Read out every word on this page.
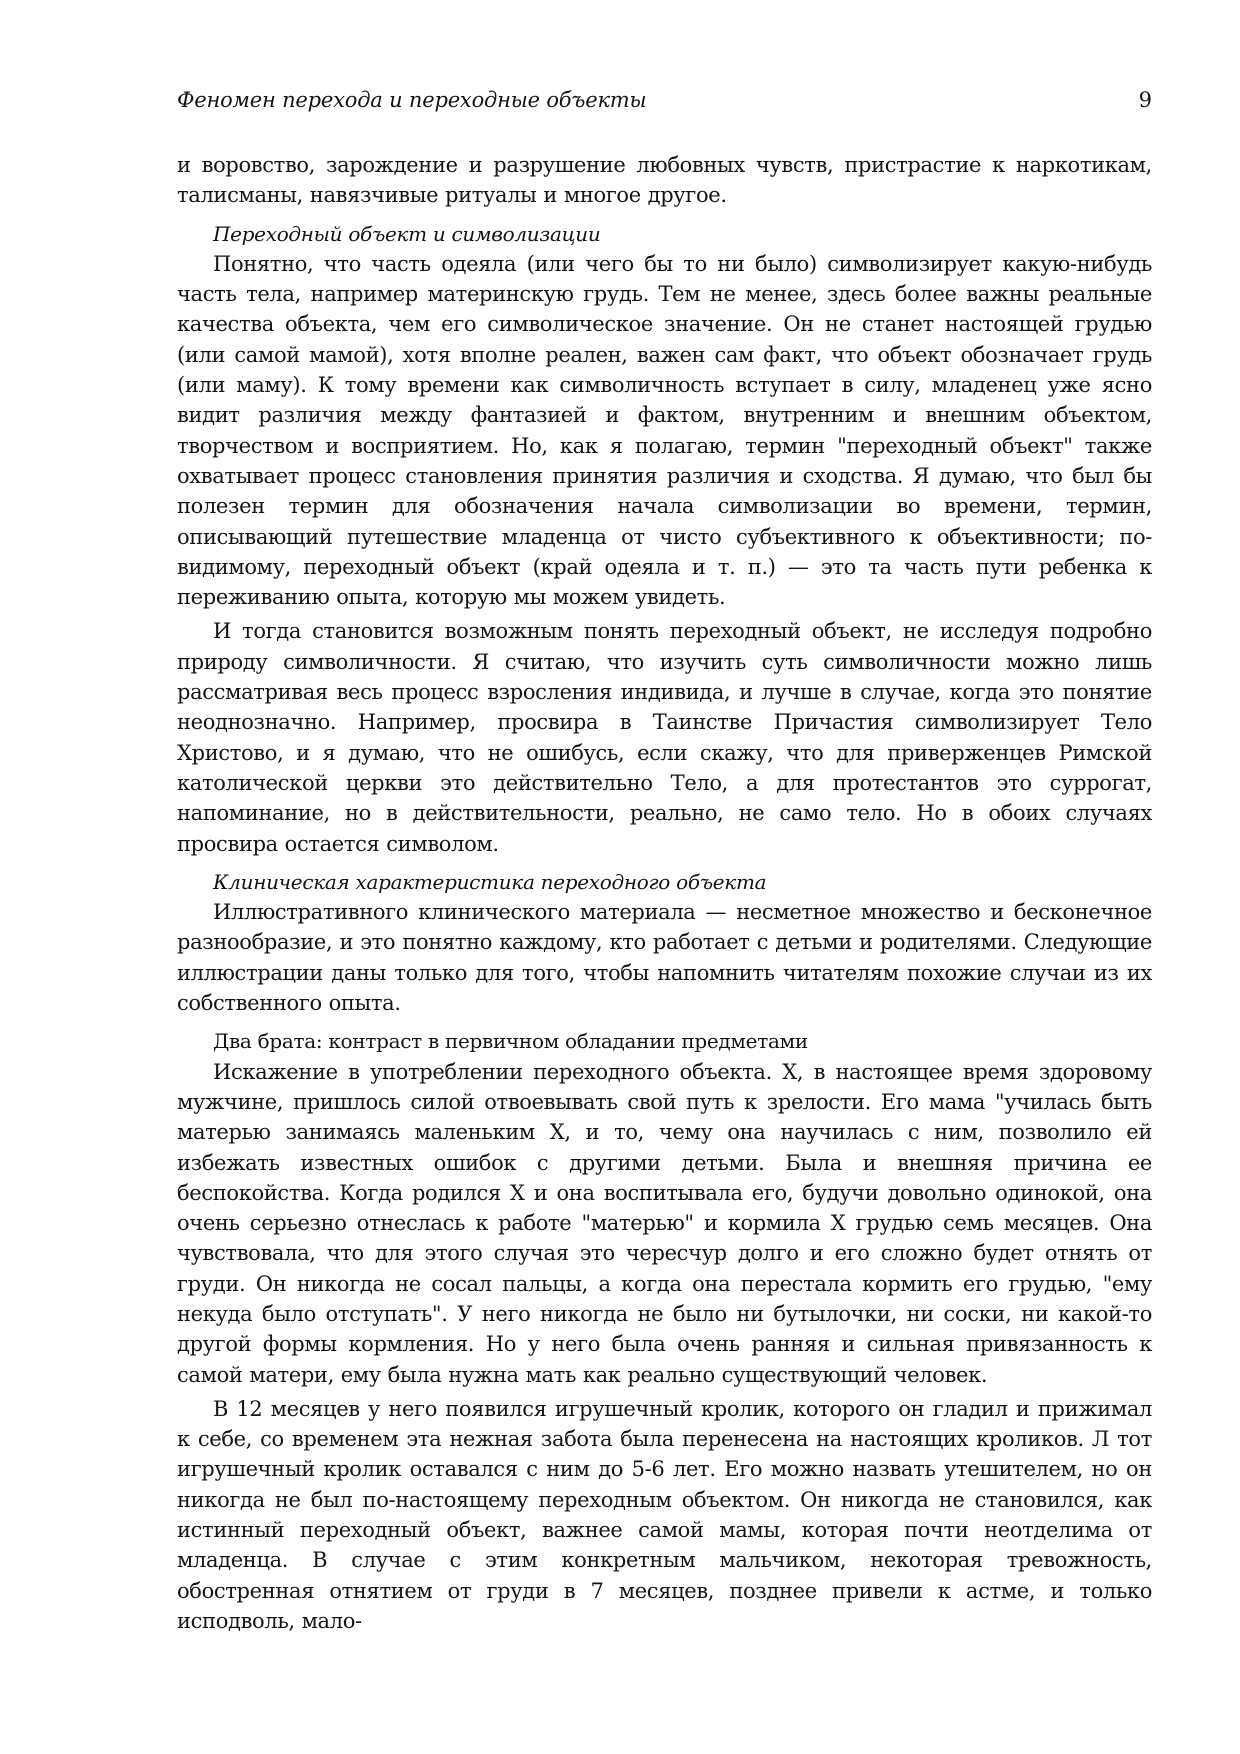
Феномен перехода и переходные объекты	9

и воровство, зарождение и разрушение любовных чувств, пристрастие к наркотикам, талисманы, навязчивые ритуалы и многое другое.

Переходный объект и символизации

Понятно, что часть одеяла (или чего бы то ни было) символизирует какую-нибудь часть тела, например материнскую грудь. Тем не менее, здесь более важны реальные качества объекта, чем его символическое значение. Он не станет настоящей грудью (или самой мамой), хотя вполне реален, важен сам факт, что объект обозначает грудь (или маму). К тому времени как символичность вступает в силу, младенец уже ясно видит различия между фантазией и фактом, внутренним и внешним объектом, творчеством и восприятием. Но, как я полагаю, термин "переходный объект" также охватывает процесс становления принятия различия и сходства. Я думаю, что был бы полезен термин для обозначения начала символизации во времени, термин, описывающий путешествие младенца от чисто субъективного к объективности; по-видимому, переходный объект (край одеяла и т. п.) — это та часть пути ребенка к переживанию опыта, которую мы можем увидеть.

И тогда становится возможным понять переходный объект, не исследуя подробно природу символичности. Я считаю, что изучить суть символичности можно лишь рассматривая весь процесс взросления индивида, и лучше в случае, когда это понятие неоднозначно. Например, просвира в Таинстве Причастия символизирует Тело Христово, и я думаю, что не ошибусь, если скажу, что для приверженцев Римской католической церкви это действительно Тело, а для протестантов это суррогат, напоминание, но в действительности, реально, не само тело. Но в обоих случаях просвира остается символом.

Клиническая характеристика переходного объекта

Иллюстративного клинического материала — несметное множество и бесконечное разнообразие, и это понятно каждому, кто работает с детьми и родителями. Следующие иллюстрации даны только для того, чтобы напомнить читателям похожие случаи из их собственного опыта.

Два брата: контраст в первичном обладании предметами

Искажение в употреблении переходного объекта. X, в настоящее время здоровому мужчине, пришлось силой отвоевывать свой путь к зрелости. Его мама "училась быть матерью занимаясь маленьким X, и то, чему она научилась с ним, позволило ей избежать известных ошибок с другими детьми. Была и внешняя причина ее беспокойства. Когда родился X и она воспитывала его, будучи довольно одинокой, она очень серьезно отнеслась к работе "матерью" и кормила X грудью семь месяцев. Она чувствовала, что для этого случая это чересчур долго и его сложно будет отнять от груди. Он никогда не сосал пальцы, а когда она перестала кормить его грудью, "ему некуда было отступать". У него никогда не было ни бутылочки, ни соски, ни какой-то другой формы кормления. Но у него была очень ранняя и сильная привязанность к самой матери, ему была нужна мать как реально существующий человек.

В 12 месяцев у него появился игрушечный кролик, которого он гладил и прижимал к себе, со временем эта нежная забота была перенесена на настоящих кроликов. Л тот игрушечный кролик оставался с ним до 5-6 лет. Его можно назвать утешителем, но он никогда не был по-настоящему переходным объектом. Он никогда не становился, как истинный переходный объект, важнее самой мамы, которая почти неотделима от младенца. В случае с этим конкретным мальчиком, некоторая тревожность, обостренная отнятием от груди в 7 месяцев, позднее привели к астме, и только исподволь, мало-
